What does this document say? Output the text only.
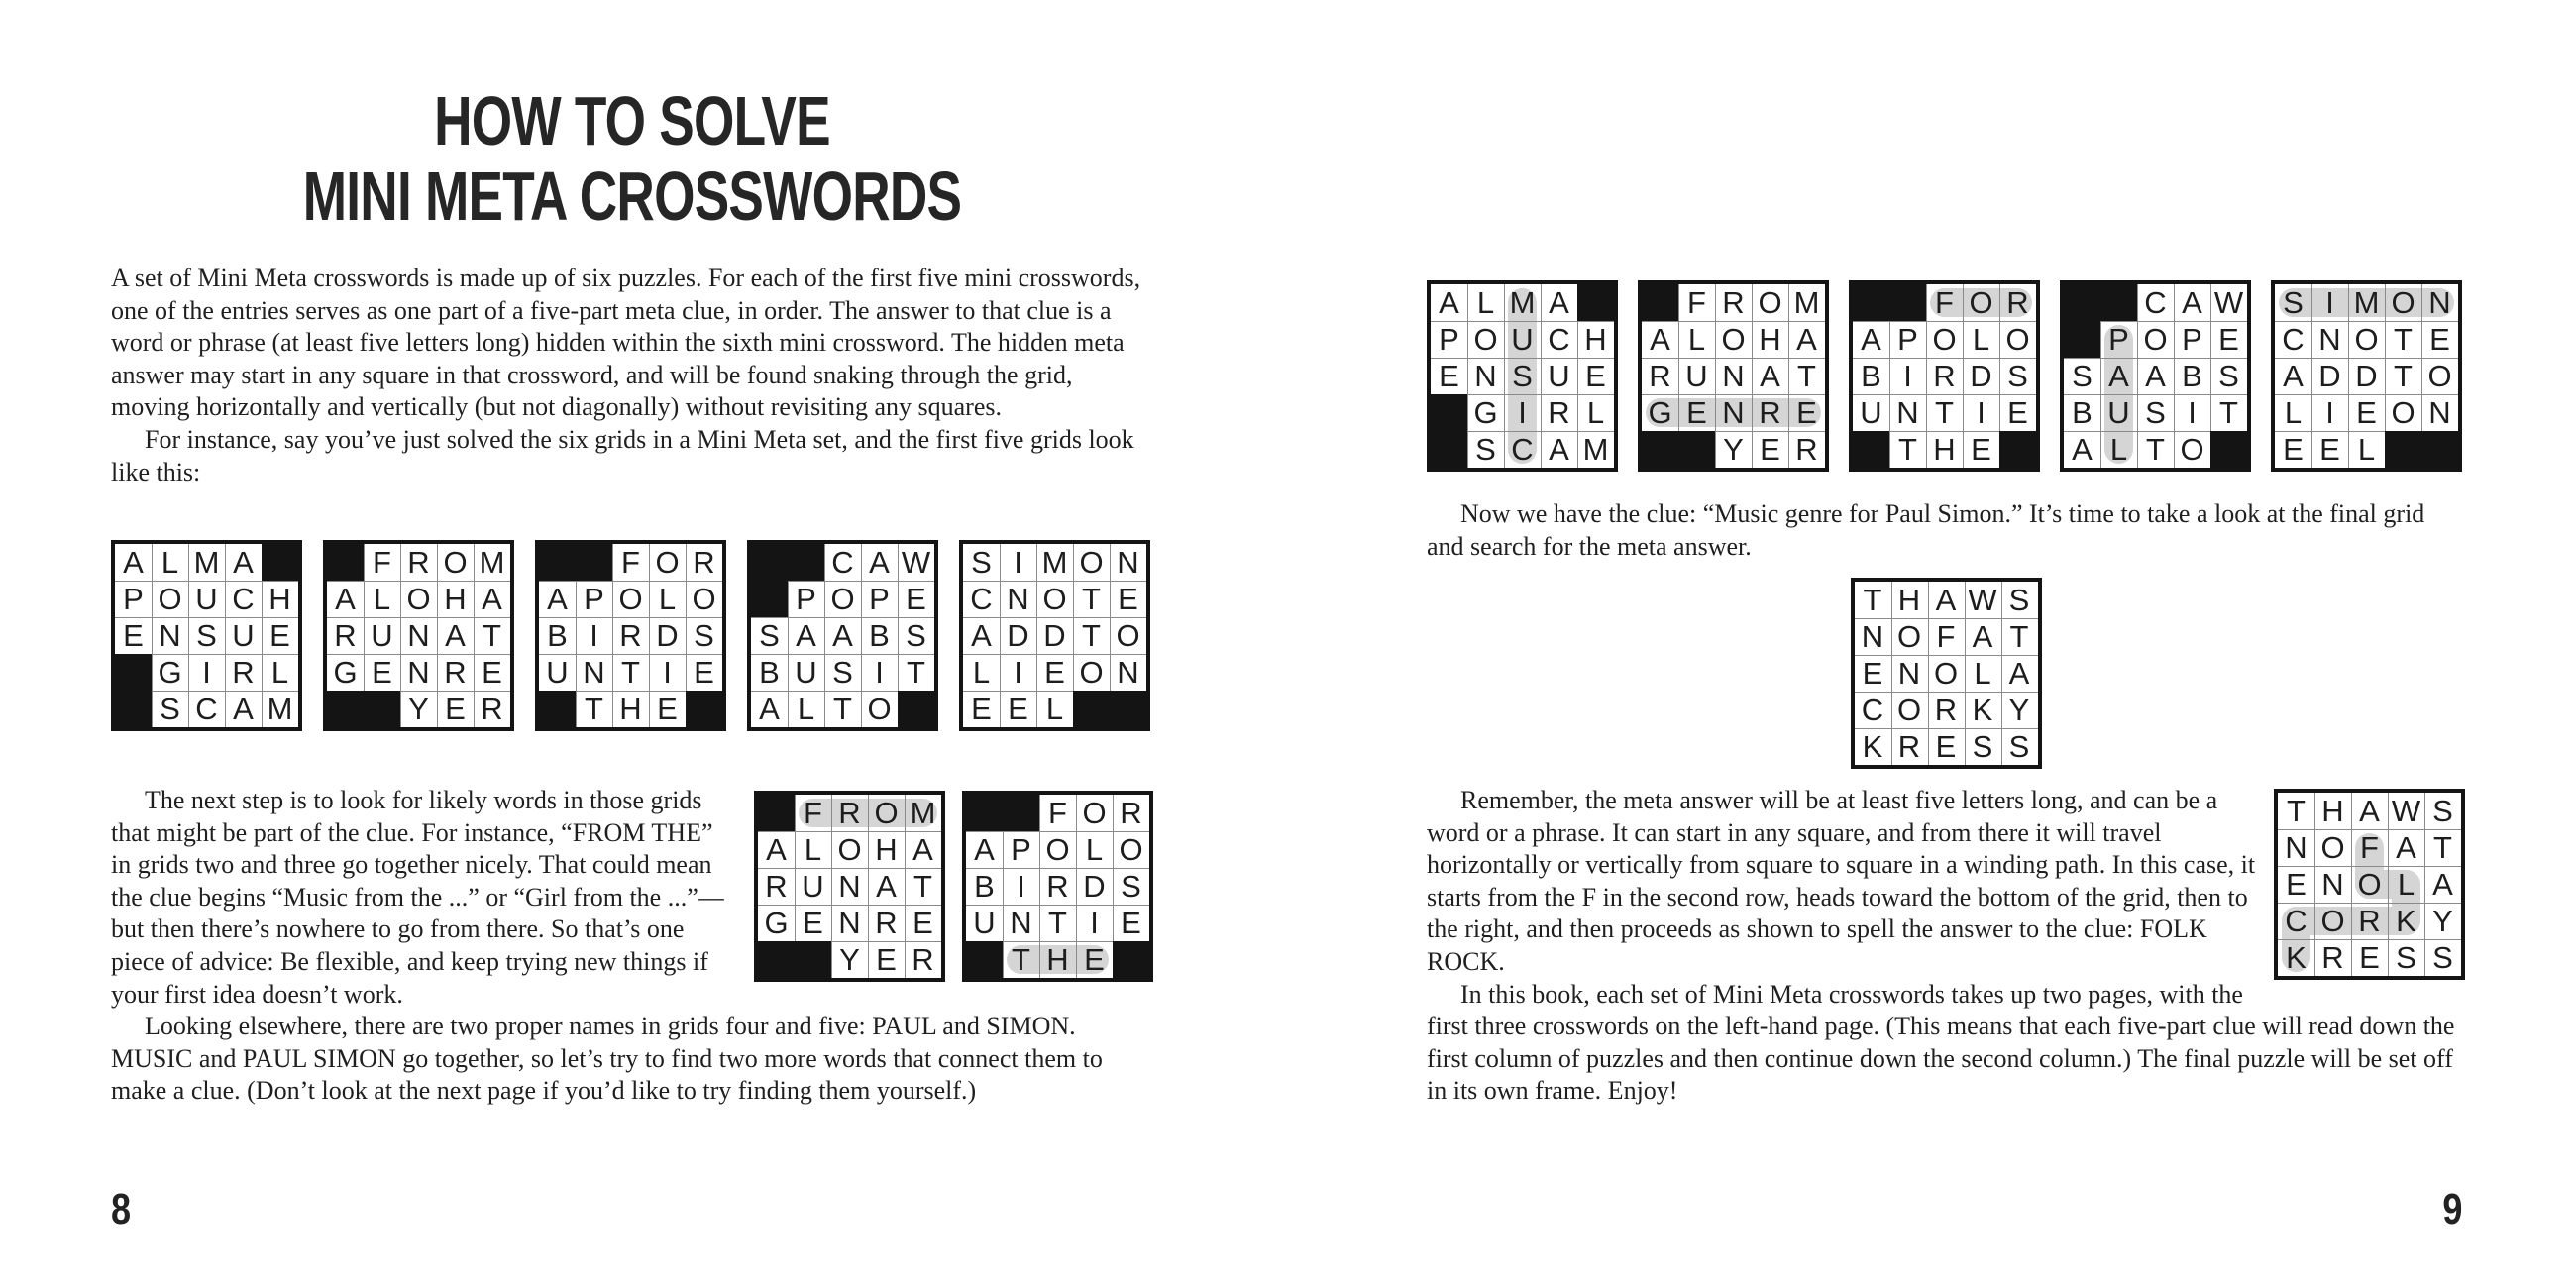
HOW TO SOLVE
MINI META CROSSWORDS

A set of Mini Meta crosswords is made up of six puzzles. For each of the first five mini crosswords, one of the entries serves as one part of a five-part meta clue, in order. The answer to that clue is a word or phrase (at least five letters long) hidden within the sixth mini crossword. The hidden meta answer may start in any square in that crossword, and will be found snaking through the grid, moving horizontally and vertically (but not diagonally) without revisiting any squares.

For instance, say you’ve just solved the six grids in a Mini Meta set, and the first five grids look like this:

A L M A
P O U C H
E N S U E
G I R L
S C A M
F R O M
A L O H A
R U N A T
G E N R E
Y E R
F O R
A P O L O
B I R D S
U N T I E
T H E
C A W
P O P E
S A A B S
B U S I T
A L T O
S I M O N
C N O T E
A D D T O
L I E O N
E E L
F R O M
A L O H A
R U N A T
G E N R E
Y E R
F O R
A P O L O
B I R D S
U N T I E
T H E

The next step is to look for likely words in those grids that might be part of the clue. For instance, “FROM THE” in grids two and three go together nicely. That could mean the clue begins “Music from the ...” or “Girl from the ...”—but then there’s nowhere to go from there. So that’s one piece of advice: Be flexible, and keep trying new things if your first idea doesn’t work.

Looking elsewhere, there are two proper names in grids four and five: PAUL and SIMON. MUSIC and PAUL SIMON go together, so let’s try to find two more words that connect them to make a clue. (Don’t look at the next page if you’d like to try finding them yourself.)

8
A L M A
P O U C H
E N S U E
G I R L
S C A M
F R O M
A L O H A
R U N A T
G E N R E
Y E R
F O R
A P O L O
B I R D S
U N T I E
T H E
C A W
P O P E
S A A B S
B U S I T
A L T O
S I M O N
C N O T E
A D D T O
L I E O N
E E L

Now we have the clue: “Music genre for Paul Simon.” It’s time to take a look at the final grid and search for the meta answer.

T H A W S
N O F A T
E N O L A
C O R K Y
K R E S S
T H A W S
N O F A T
E N O L A
C O R K Y
K R E S S

Remember, the meta answer will be at least five letters long, and can be a word or a phrase. It can start in any square, and from there it will travel horizontally or vertically from square to square in a winding path. In this case, it starts from the F in the second row, heads toward the bottom of the grid, then to the right, and then proceeds as shown to spell the answer to the clue: FOLK ROCK.

In this book, each set of Mini Meta crosswords takes up two pages, with the first three crosswords on the left-hand page. (This means that each five-part clue will read down the first column of puzzles and then continue down the second column.) The final puzzle will be set off in its own frame. Enjoy!

9
